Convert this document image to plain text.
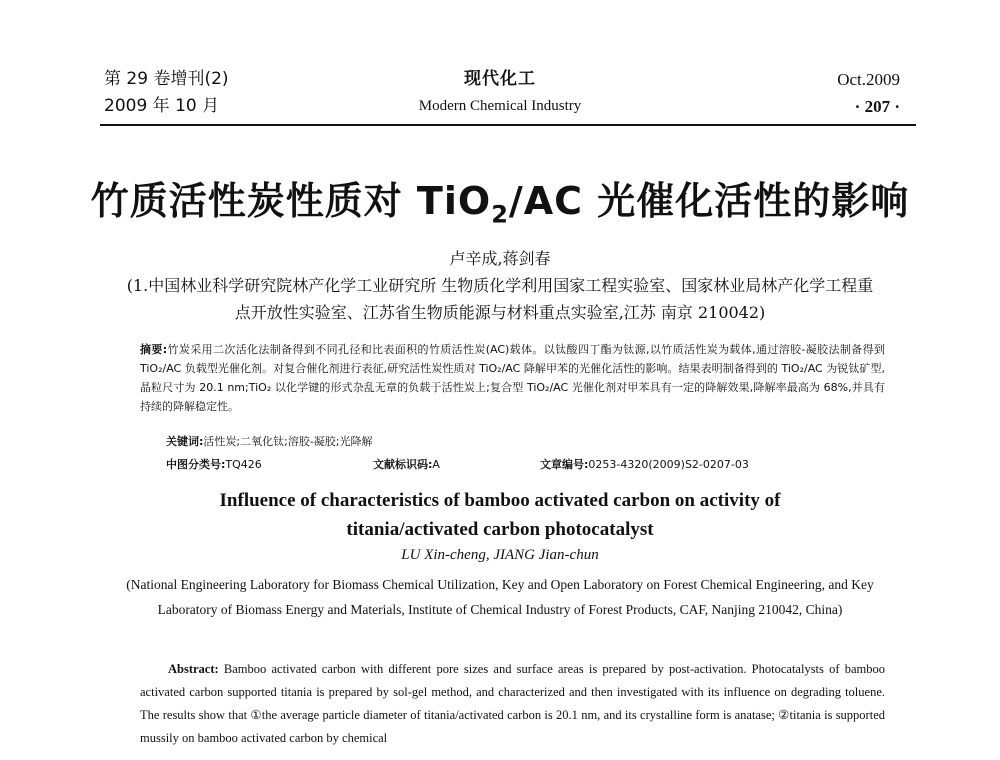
第 29 卷增刊(2)
2009 年 10 月
现代化工
Modern Chemical Industry
Oct.2009
· 207 ·
竹质活性炭性质对 TiO$_2$/AC 光催化活性的影响
卢辛成,蒋剑春
(1.中国林业科学研究院林产化学工业研究所 生物质化学利用国家工程实验室、国家林业局林产化学工程重点开放性实验室、江苏省生物质能源与材料重点实验室,江苏 南京 210042)
摘要:竹炭采用二次活化法制备得到不同孔径和比表面积的竹质活性炭(AC)载体。以钛酸四丁酯为钛源,以竹质活性炭为载体,通过溶胶-凝胶法制备得到 TiO₂/AC 负载型光催化剂。对复合催化剂进行表征,研究活性炭性质对 TiO₂/AC 降解甲苯的光催化活性的影响。结果表明制备得到的 TiO₂/AC 为锐钛矿型,晶粒尺寸为 20.1 nm;TiO₂ 以化学键的形式杂乱无章的负载于活性炭上;复合型 TiO₂/AC 光催化剂对甲苯具有一定的降解效果,降解率最高为 68%,并具有持续的降解稳定性。
关键词:活性炭;二氧化钛;溶胶-凝胶;光降解
中图分类号:TQ426	文献标识码:A	文章编号:0253-4320(2009)S2-0207-03
Influence of characteristics of bamboo activated carbon on activity of
titania/activated carbon photocatalyst
LU Xin-cheng, JIANG Jian-chun
(National Engineering Laboratory for Biomass Chemical Utilization, Key and Open Laboratory on Forest Chemical Engineering, and Key Laboratory of Biomass Energy and Materials, Institute of Chemical Industry of Forest Products, CAF, Nanjing 210042, China)
Abstract: Bamboo activated carbon with different pore sizes and surface areas is prepared by post-activation. Photocatalysts of bamboo activated carbon supported titania is prepared by sol-gel method, and characterized and then investigated with its influence on degrading toluene. The results show that ①the average particle diameter of titania/activated carbon is 20.1 nm, and its crystalline form is anatase; ②titania is supported mussily on bamboo activated carbon by chemical
